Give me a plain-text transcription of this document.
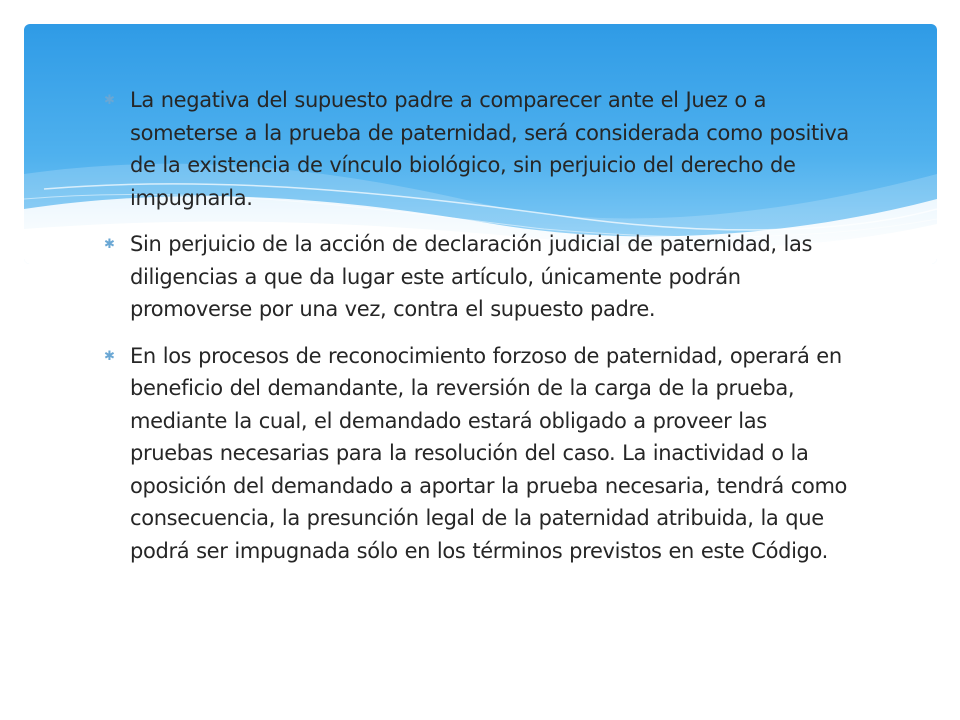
✱ La negativa del supuesto padre a comparecer ante el Juez o a someterse a la prueba de paternidad, será considerada como positiva de la existencia de vínculo biológico, sin perjuicio del derecho de impugnarla.
✱ Sin perjuicio de la acción de declaración judicial de paternidad, las diligencias a que da lugar este artículo, únicamente podrán promoverse por una vez, contra el supuesto padre.
✱ En los procesos de reconocimiento forzoso de paternidad, operará en beneficio del demandante, la reversión de la carga de la prueba, mediante la cual, el demandado estará obligado a proveer las pruebas necesarias para la resolución del caso. La inactividad o la oposición del demandado a aportar la prueba necesaria, tendrá como consecuencia, la presunción legal de la paternidad atribuida, la que podrá ser impugnada sólo en los términos previstos en este Código.
